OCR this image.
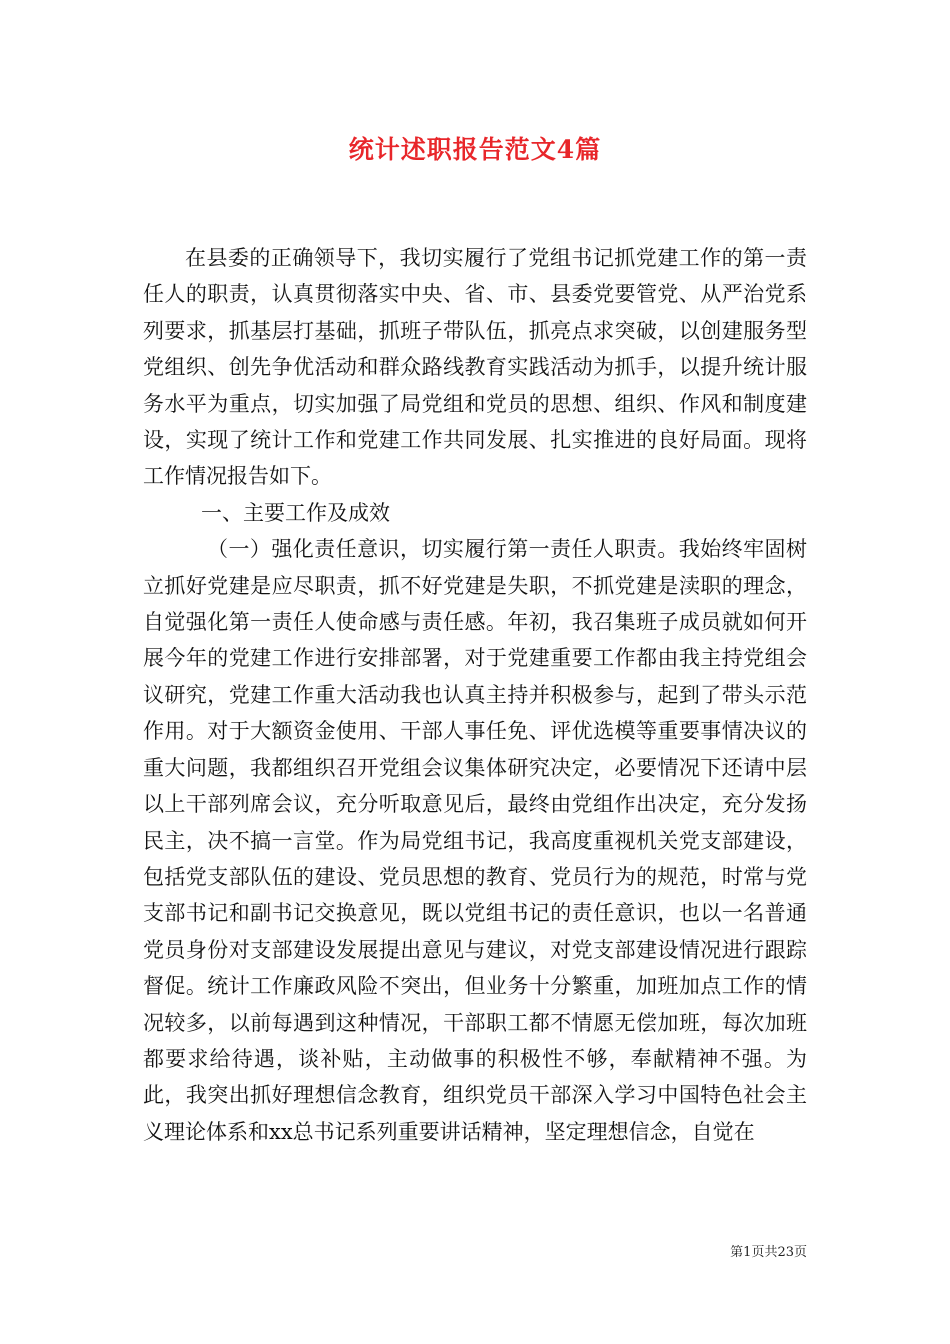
统计述职报告范文4篇

在县委的正确领导下，我切实履行了党组书记抓党建工作的第一责任人的职责，认真贯彻落实中央、省、市、县委党要管党、从严治党系列要求，抓基层打基础，抓班子带队伍，抓亮点求突破，以创建服务型党组织、创先争优活动和群众路线教育实践活动为抓手，以提升统计服务水平为重点，切实加强了局党组和党员的思想、组织、作风和制度建设，实现了统计工作和党建工作共同发展、扎实推进的良好局面。现将工作情况报告如下。

一、主要工作及成效

（一）强化责任意识，切实履行第一责任人职责。我始终牢固树立抓好党建是应尽职责，抓不好党建是失职，不抓党建是渎职的理念，自觉强化第一责任人使命感与责任感。年初，我召集班子成员就如何开展今年的党建工作进行安排部署，对于党建重要工作都由我主持党组会议研究，党建工作重大活动我也认真主持并积极参与，起到了带头示范作用。对于大额资金使用、干部人事任免、评优选模等重要事情决议的重大问题，我都组织召开党组会议集体研究决定，必要情况下还请中层以上干部列席会议，充分听取意见后，最终由党组作出决定，充分发扬民主，决不搞一言堂。作为局党组书记，我高度重视机关党支部建设，包括党支部队伍的建设、党员思想的教育、党员行为的规范，时常与党支部书记和副书记交换意见，既以党组书记的责任意识，也以一名普通党员身份对支部建设发展提出意见与建议，对党支部建设情况进行跟踪督促。统计工作廉政风险不突出，但业务十分繁重，加班加点工作的情况较多，以前每遇到这种情况，干部职工都不情愿无偿加班，每次加班都要求给待遇，谈补贴，主动做事的积极性不够，奉献精神不强。为此，我突出抓好理想信念教育，组织党员干部深入学习中国特色社会主义理论体系和xx总书记系列重要讲话精神，坚定理想信念，自觉在

第1页共23页
